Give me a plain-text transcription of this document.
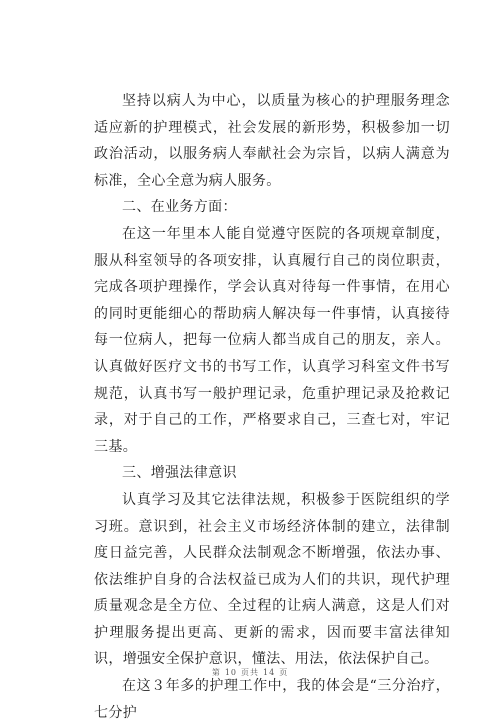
坚持以病人为中心，以质量为核心的护理服务理念适应新的护理模式，社会发展的新形势，积极参加一切政治活动，以服务病人奉献社会为宗旨，以病人满意为标准，全心全意为病人服务。

二、在业务方面：

在这一年里本人能自觉遵守医院的各项规章制度，服从科室领导的各项安排，认真履行自己的岗位职责，完成各项护理操作，学会认真对待每一件事情，在用心的同时更能细心的帮助病人解决每一件事情，认真接待每一位病人，把每一位病人都当成自己的朋友，亲人。认真做好医疗文书的书写工作，认真学习科室文件书写规范，认真书写一般护理记录，危重护理记录及抢救记录，对于自己的工作，严格要求自己，三查七对，牢记三基。

三、增强法律意识

认真学习及其它法律法规，积极参于医院组织的学习班。意识到，社会主义市场经济体制的建立，法律制度日益完善，人民群众法制观念不断增强，依法办事、依法维护自身的合法权益已成为人们的共识，现代护理质量观念是全方位、全过程的让病人满意，这是人们对护理服务提出更高、更新的需求，因而要丰富法律知识，增强安全保护意识，懂法、用法，依法保护自己。

在这３年多的护理工作中，我的体会是“三分治疗，七分护

第 10 页共 14 页
